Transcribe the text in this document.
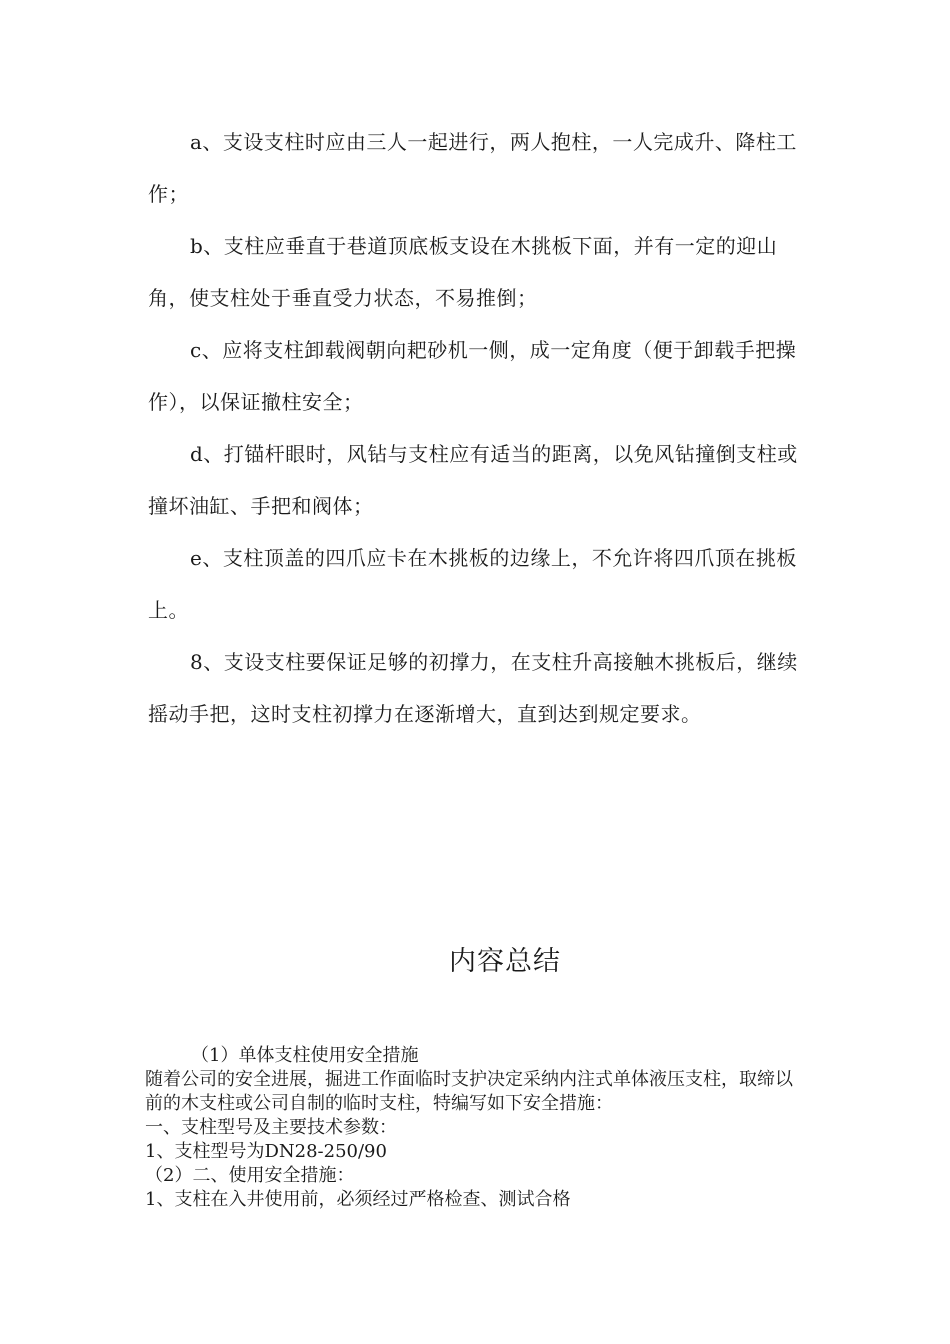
a、支设支柱时应由三人一起进行，两人抱柱，一人完成升、降柱工作；

b、支柱应垂直于巷道顶底板支设在木挑板下面，并有一定的迎山角，使支柱处于垂直受力状态，不易推倒；

c、应将支柱卸载阀朝向耙砂机一侧，成一定角度（便于卸载手把操作），以保证撤柱安全；

d、打锚杆眼时，风钻与支柱应有适当的距离，以免风钻撞倒支柱或撞坏油缸、手把和阀体；

e、支柱顶盖的四爪应卡在木挑板的边缘上，不允许将四爪顶在挑板上。

8、支设支柱要保证足够的初撑力，在支柱升高接触木挑板后，继续摇动手把，这时支柱初撑力在逐渐增大，直到达到规定要求。

内容总结

（1）单体支柱使用安全措施

随着公司的安全进展，掘进工作面临时支护决定采纳内注式单体液压支柱，取缔以前的木支柱或公司自制的临时支柱，特编写如下安全措施：

一、支柱型号及主要技术参数：

1、支柱型号为DN28-250/90

（2）二、使用安全措施：

1、支柱在入井使用前，必须经过严格检查、测试合格
